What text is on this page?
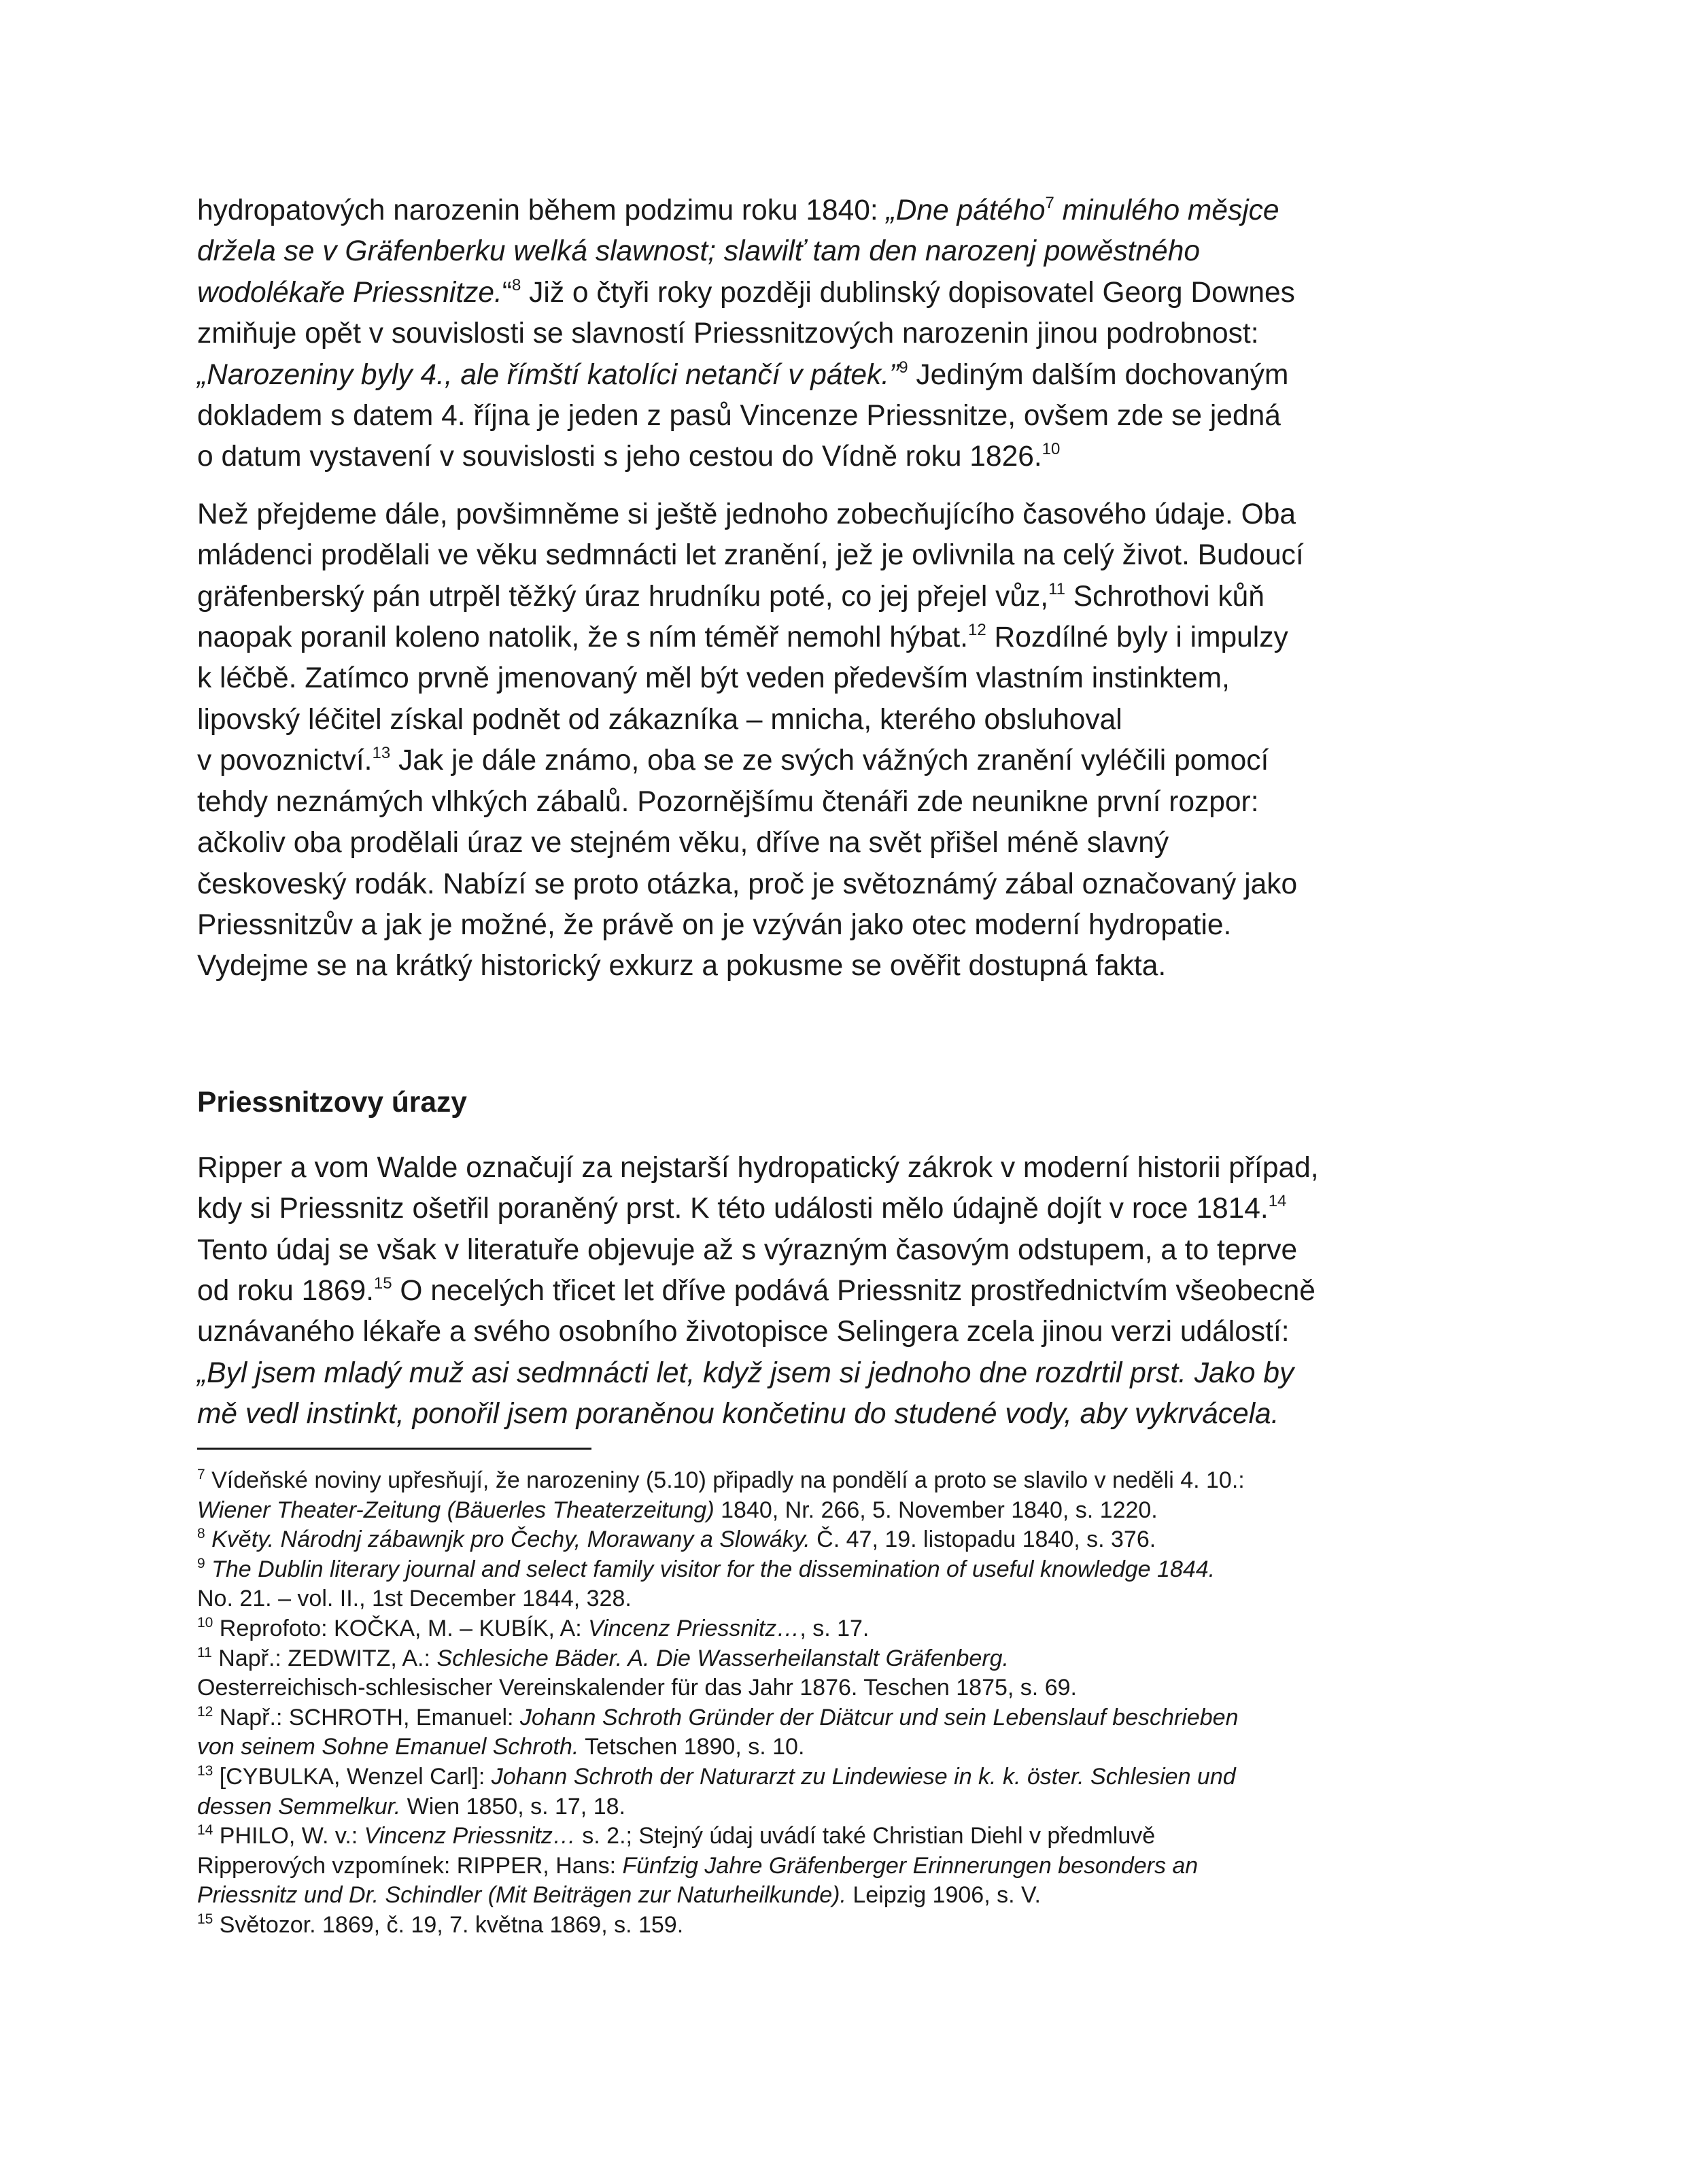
hydropatových narozenin během podzimu roku 1840: „Dne pátého$^7$ minulého měsjce
držela se v Gräfenberku welká slawnost; slawilť tam den narozenj powěstného
wodolékaře Priessnitze.“$^8$ Již o čtyři roky později dublinský dopisovatel Georg Downes
zmiňuje opět v souvislosti se slavností Priessnitzových narozenin jinou podrobnost:
„Narozeniny byly 4., ale římští katolíci netančí v pátek.”$^9$ Jediným dalším dochovaným
dokladem s datem 4. října je jeden z pasů Vincenze Priessnitze, ovšem zde se jedná
o datum vystavení v souvislosti s jeho cestou do Vídně roku 1826.10

Než přejdeme dále, povšimněme si ještě jednoho zobecňujícího časového údaje. Oba
mládenci prodělali ve věku sedmnácti let zranění, jež je ovlivnila na celý život. Budoucí
gräfenberský pán utrpěl těžký úraz hrudníku poté, co jej přejel vůz,$^{11}$ Schrothovi kůň
naopak poranil koleno natolik, že s ním téměř nemohl hýbat.$^{12}$ Rozdílné byly i impulzy
k léčbě. Zatímco prvně jmenovaný měl být veden především vlastním instinktem,
lipovský léčitel získal podnět od zákazníka – mnicha, kterého obsluhoval
v povoznictví.$^{13}$ Jak je dále známo, oba se ze svých vážných zranění vyléčili pomocí
tehdy neznámých vlhkých zábalů. Pozornějšímu čtenáři zde neunikne první rozpor:
ačkoliv oba prodělali úraz ve stejném věku, dříve na svět přišel méně slavný
českoveský rodák. Nabízí se proto otázka, proč je světoznámý zábal označovaný jako
Priessnitzův a jak je možné, že právě on je vzýván jako otec moderní hydropatie.
Vydejme se na krátký historický exkurz a pokusme se ověřit dostupná fakta.

Priessnitzovy úrazy

Ripper a vom Walde označují za nejstarší hydropatický zákrok v moderní historii případ,
kdy si Priessnitz ošetřil poraněný prst. K této události mělo údajně dojít v roce 1814.14
Tento údaj se však v literatuře objevuje až s výrazným časovým odstupem, a to teprve
od roku 1869.15 O necelých třicet let dříve podává Priessnitz prostřednictvím všeobecně
uznávaného lékaře a svého osobního životopisce Selingera zcela jinou verzi událostí:
„Byl jsem mladý muž asi sedmnácti let, když jsem si jednoho dne rozdrtil prst. Jako by
mě vedl instinkt, ponořil jsem poraněnou končetinu do studené vody, aby vykrvácela.

$^7$ Vídeňské noviny upřesňují, že narozeniny (5.10) připadly na pondělí a proto se slavilo v neděli 4. 10.:
Wiener Theater-Zeitung (Bäuerles Theaterzeitung) 1840, Nr. 266, 5. November 1840, s. 1220.
$^8$ Květy. Národnj zábawnjk pro Čechy, Morawany a Slowáky. Č. 47, 19. listopadu 1840, s. 376.
$^9$ The Dublin literary journal and select family visitor for the dissemination of useful knowledge 1844.
No. 21. – vol. II., 1st December 1844, 328.
$^{10}$ Reprofoto: KOČKA, M. – KUBÍK, A: Vincenz Priessnitz…, s. 17.
$^{11}$ Např.: ZEDWITZ, A.: Schlesiche Bäder. A. Die Wasserheilanstalt Gräfenberg.
Oesterreichisch-schlesischer Vereinskalender für das Jahr 1876. Teschen 1875, s. 69.
$^{12}$ Např.: SCHROTH, Emanuel: Johann Schroth Gründer der Diätcur und sein Lebenslauf beschrieben
von seinem Sohne Emanuel Schroth. Tetschen 1890, s. 10.
$^{13}$ [CYBULKA, Wenzel Carl]: Johann Schroth der Naturarzt zu Lindewiese in k. k. öster. Schlesien und
dessen Semmelkur. Wien 1850, s. 17, 18.
$^{14}$ PHILO, W. v.: Vincenz Priessnitz… s. 2.; Stejný údaj uvádí také Christian Diehl v předmluvě
Ripperových vzpomínek: RIPPER, Hans: Fünfzig Jahre Gräfenberger Erinnerungen besonders an
Priessnitz und Dr. Schindler (Mit Beiträgen zur Naturheilkunde). Leipzig 1906, s. V.
$^{15}$ Světozor. 1869, č. 19, 7. května 1869, s. 159.
